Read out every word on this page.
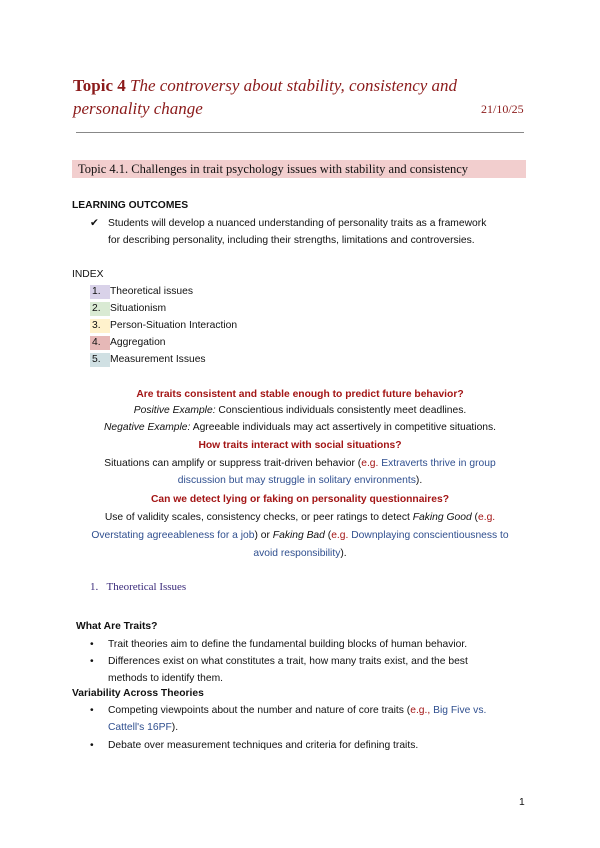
Topic 4 The controversy about stability, consistency and
personality change	21/10/25
Topic 4.1. Challenges in trait psychology issues with stability and consistency
LEARNING OUTCOMES
✔ Students will develop a nuanced understanding of personality traits as a framework
for describing personality, including their strengths, limitations and controversies.
INDEX
1. Theoretical issues
2. Situationism
3. Person-Situation Interaction
4. Aggregation
5. Measurement Issues
Are traits consistent and stable enough to predict future behavior?
Positive Example: Conscientious individuals consistently meet deadlines.
Negative Example: Agreeable individuals may act assertively in competitive situations.
How traits interact with social situations?
Situations can amplify or suppress trait-driven behavior (e.g. Extraverts thrive in group
discussion but may struggle in solitary environments).
Can we detect lying or faking on personality questionnaires?
Use of validity scales, consistency checks, or peer ratings to detect Faking Good (e.g.
Overstating agreeableness for a job) or Faking Bad (e.g. Downplaying conscientiousness to
avoid responsibility).
1. Theoretical Issues
What Are Traits?
• Trait theories aim to define the fundamental building blocks of human behavior.
• Differences exist on what constitutes a trait, how many traits exist, and the best
methods to identify them.
Variability Across Theories
• Competing viewpoints about the number and nature of core traits (e.g., Big Five vs.
Cattell's 16PF).
• Debate over measurement techniques and criteria for defining traits.
1
